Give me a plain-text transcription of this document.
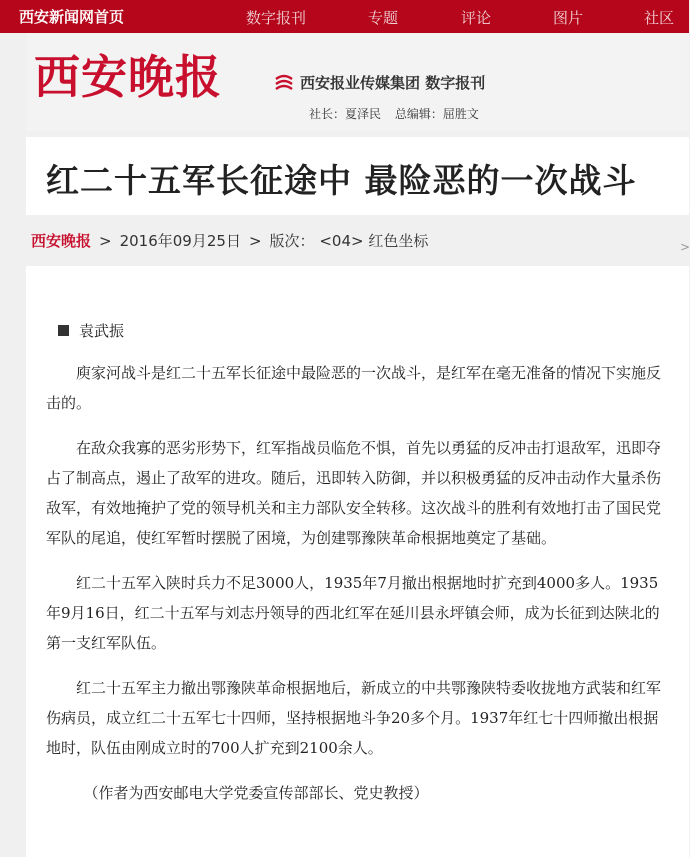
西安新闻网首页	数字报刊	专题	评论	图片	社区
西安晚报	西安报业传媒集团 数字报刊
社长：夏泽民 总编辑：屈胜文
红二十五军长征途中 最险恶的一次战斗
西安晚报 > 2016年09月25日 > 版次： <04> 红色坐标	>

袁武振

庾家河战斗是红二十五军长征途中最险恶的一次战斗，是红军在毫无准备的情况下实施反击的。

在敌众我寡的恶劣形势下，红军指战员临危不惧，首先以勇猛的反冲击打退敌军，迅即夺占了制高点，遏止了敌军的进攻。随后，迅即转入防御，并以积极勇猛的反冲击动作大量杀伤敌军，有效地掩护了党的领导机关和主力部队安全转移。这次战斗的胜利有效地打击了国民党军队的尾追，使红军暂时摆脱了困境，为创建鄂豫陕革命根据地奠定了基础。

红二十五军入陕时兵力不足3000人，1935年7月撤出根据地时扩充到4000多人。1935年9月16日，红二十五军与刘志丹领导的西北红军在延川县永坪镇会师，成为长征到达陕北的第一支红军队伍。

红二十五军主力撤出鄂豫陕革命根据地后，新成立的中共鄂豫陕特委收拢地方武装和红军伤病员，成立红二十五军七十四师，坚持根据地斗争20多个月。1937年红七十四师撤出根据地时，队伍由刚成立时的700人扩充到2100余人。

（作者为西安邮电大学党委宣传部部长、党史教授）
